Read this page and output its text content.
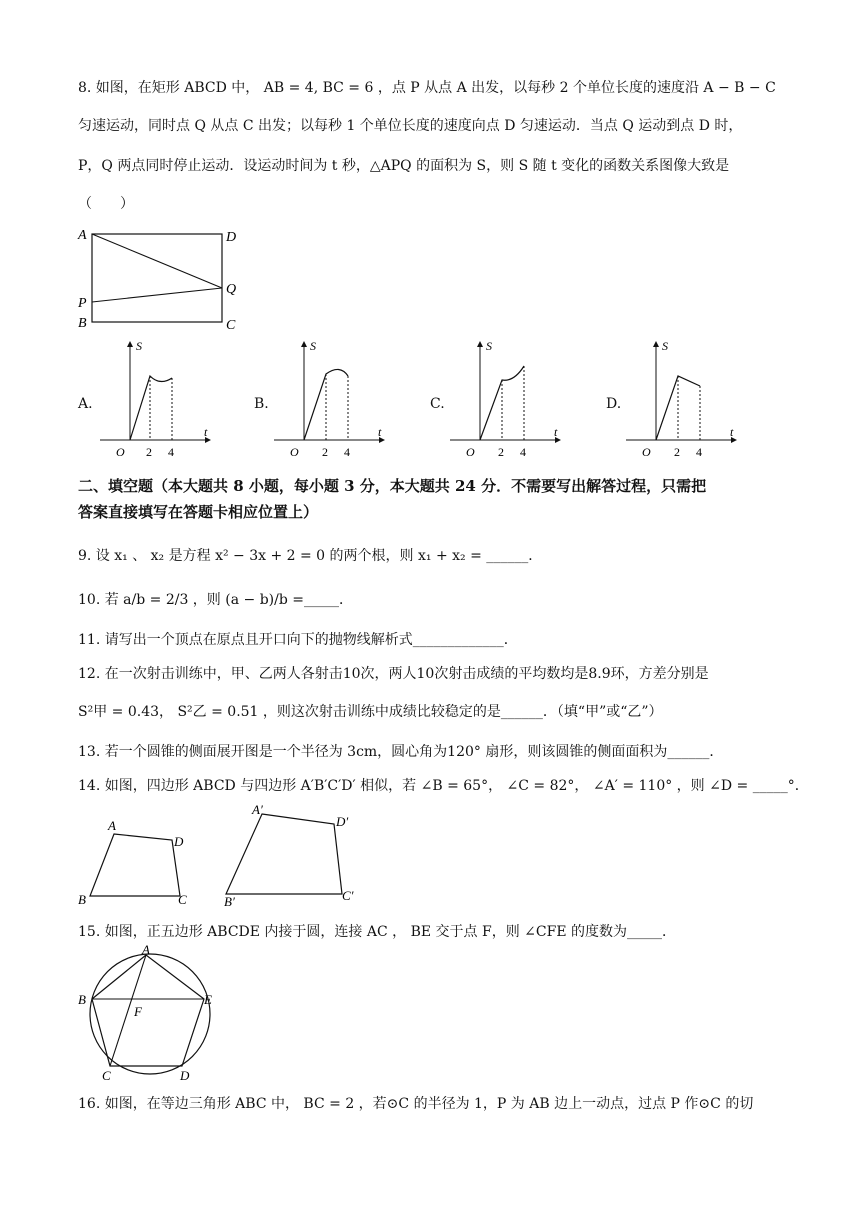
8. 如图，在矩形 ABCD 中， AB = 4, BC = 6 ，点 P 从点 A 出发，以每秒 2 个单位长度的速度沿 A − B − C
匀速运动，同时点 Q 从点 C 出发；以每秒 1 个单位长度的速度向点 D 匀速运动．当点 Q 运动到点 D 时，
P，Q 两点同时停止运动．设运动时间为 t 秒，△APQ 的面积为 S，则 S 随 t 变化的函数关系图像大致是
（　　）
A	D
P
Q
B	C
A.
S
t
O 2 4
B.
S
t
O 2 4
C.
S
t
O 2 4
D.
S
t
O 2 4
二、填空题（本大题共 8 小题，每小题 3 分，本大题共 24 分．不需要写出解答过程，只需把
答案直接填写在答题卡相应位置上）
9. 设 x₁ 、 x₂ 是方程 x² − 3x + 2 = 0 的两个根，则 x₁ + x₂ = ______．
10. 若 a/b = 2/3 ，则 (a − b)/b =_____．
11. 请写出一个顶点在原点且开口向下的抛物线解析式_____________．
12. 在一次射击训练中，甲、乙两人各射击10次，两人10次射击成绩的平均数均是8.9环，方差分别是
S²甲 = 0.43， S²乙 = 0.51 ，则这次射击训练中成绩比较稳定的是______．（填“甲”或“乙”）
13. 若一个圆锥的侧面展开图是一个半径为 3cm，圆心角为120° 扇形，则该圆锥的侧面面积为______．
14. 如图，四边形 ABCD 与四边形 A′B′C′D′ 相似，若 ∠B = 65°， ∠C = 82°， ∠A′ = 110° ，则 ∠D = _____°．
A
B	C
D
A′
B′	C′
D′
15. 如图，正五边形 ABCDE 内接于圆，连接 AC ， BE 交于点 F，则 ∠CFE 的度数为_____．
A
B
C	D
E
F
16. 如图，在等边三角形 ABC 中， BC = 2 ，若⊙C 的半径为 1，P 为 AB 边上一动点，过点 P 作⊙C 的切
